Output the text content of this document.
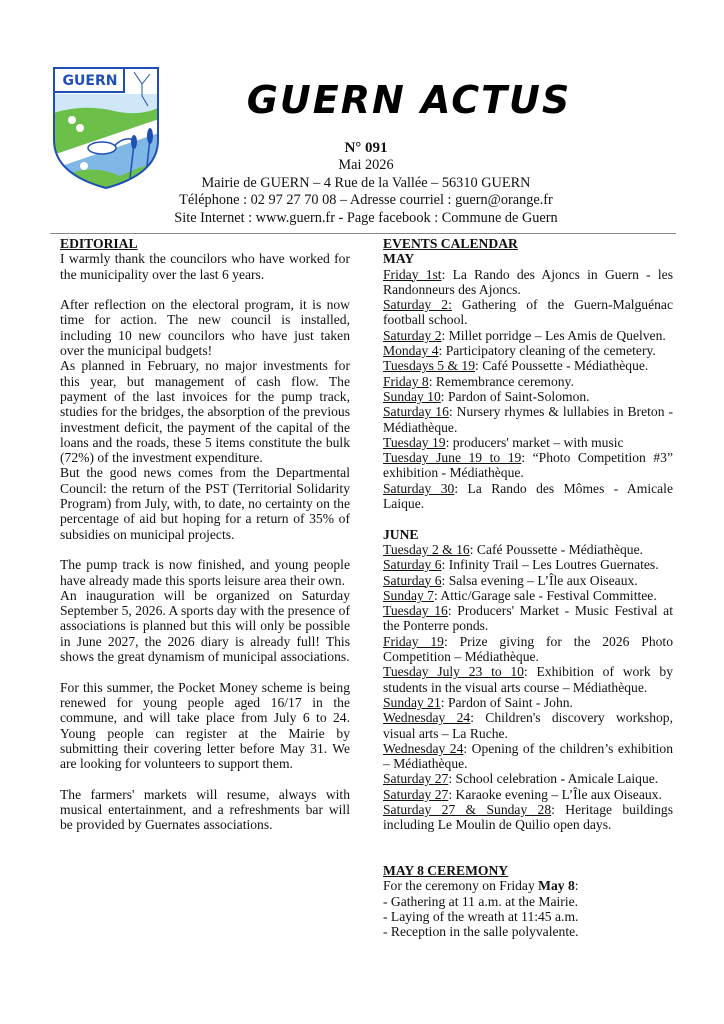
GUERN	GUERN ACTUS
N° 091
Mai 2026
Mairie de GUERN – 4 Rue de la Vallée – 56310 GUERN
Téléphone : 02 97 27 70 08 – Adresse courriel : guern@orange.fr
Site Internet : www.guern.fr - Page facebook : Commune de Guern
EDITORIAL

I warmly thank the councilors who have worked for the municipality over the last 6 years.

After reflection on the electoral program, it is now time for action. The new council is installed, including 10 new councilors who have just taken over the municipal budgets!

As planned in February, no major investments for this year, but management of cash flow. The payment of the last invoices for the pump track, studies for the bridges, the absorption of the previous investment deficit, the payment of the capital of the loans and the roads, these 5 items constitute the bulk (72%) of the investment expenditure.

But the good news comes from the Departmental Council: the return of the PST (Territorial Solidarity Program) from July, with, to date, no certainty on the percentage of aid but hoping for a return of 35% of subsidies on municipal projects.

The pump track is now finished, and young people have already made this sports leisure area their own.

An inauguration will be organized on Saturday September 5, 2026. A sports day with the presence of associations is planned but this will only be possible in June 2027, the 2026 diary is already full! This shows the great dynamism of municipal associations.

For this summer, the Pocket Money scheme is being renewed for young people aged 16/17 in the commune, and will take place from July 6 to 24. Young people can register at the Mairie by submitting their covering letter before May 31. We are looking for volunteers to support them.

The farmers' markets will resume, always with musical entertainment, and a refreshments bar will be provided by Guernates associations.

EVENTS CALENDAR
MAY

Friday 1st: La Rando des Ajoncs in Guern - les Randonneurs des Ajoncs.

Saturday 2: Gathering of the Guern-Malguénac football school.

Saturday 2: Millet porridge – Les Amis de Quelven.

Monday 4: Participatory cleaning of the cemetery.

Tuesdays 5 & 19: Café Poussette - Médiathèque.

Friday 8: Remembrance ceremony.

Sunday 10: Pardon of Saint-Solomon.

Saturday 16: Nursery rhymes & lullabies in Breton - Médiathèque.

Tuesday 19: producers' market – with music

Tuesday June 19 to 19: “Photo Competition #3” exhibition - Médiathèque.

Saturday 30: La Rando des Mômes - Amicale Laique.

JUNE

Tuesday 2 & 16: Café Poussette - Médiathèque.

Saturday 6: Infinity Trail – Les Loutres Guernates.

Saturday 6: Salsa evening – L’Île aux Oiseaux.

Sunday 7: Attic/Garage sale - Festival Committee.

Tuesday 16: Producers' Market - Music Festival at the Ponterre ponds.

Friday 19: Prize giving for the 2026 Photo Competition – Médiathèque.

Tuesday July 23 to 10: Exhibition of work by students in the visual arts course – Médiathèque.

Sunday 21: Pardon of Saint - John.

Wednesday 24: Children's discovery workshop, visual arts – La Ruche.

Wednesday 24: Opening of the children’s exhibition – Médiathèque.

Saturday 27: School celebration - Amicale Laique.

Saturday 27: Karaoke evening – L’Île aux Oiseaux.

Saturday 27 & Sunday 28: Heritage buildings including Le Moulin de Quilio open days.

MAY 8 CEREMONY

For the ceremony on Friday May 8:

- Gathering at 11 a.m. at the Mairie.

- Laying of the wreath at 11:45 a.m.

- Reception in the salle polyvalente.
